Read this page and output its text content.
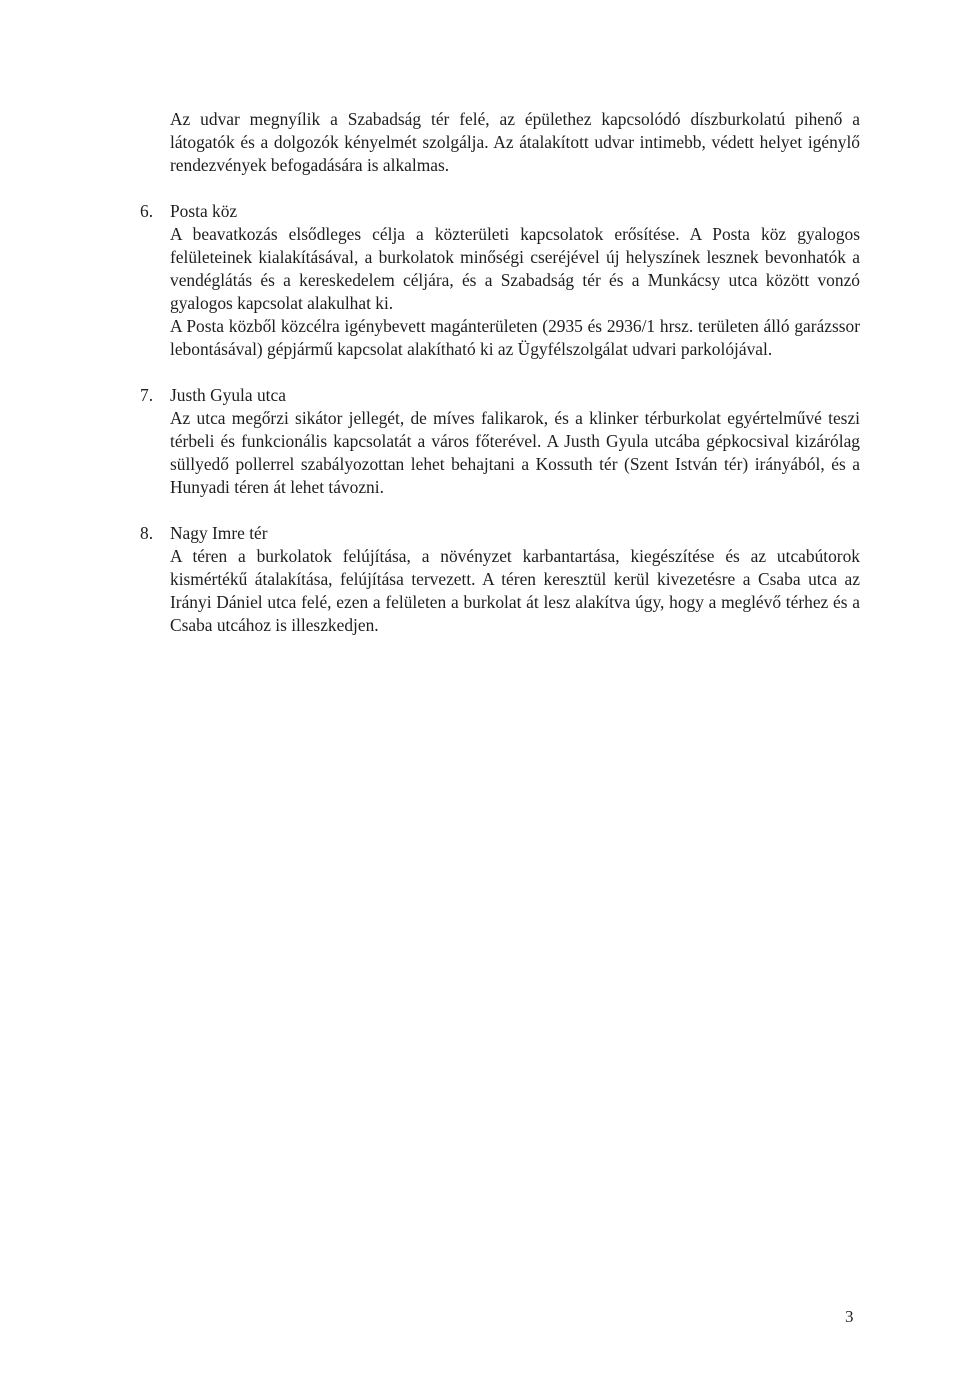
Az udvar megnyílik a Szabadság tér felé, az épülethez kapcsolódó díszburkolatú pihenő a látogatók és a dolgozók kényelmét szolgálja. Az átalakított udvar intimebb, védett helyet igénylő rendezvények befogadására is alkalmas.

6. Posta köz

A beavatkozás elsődleges célja a közterületi kapcsolatok erősítése. A Posta köz gyalogos felületeinek kialakításával, a burkolatok minőségi cseréjével új helyszínek lesznek bevonhatók a vendéglátás és a kereskedelem céljára, és a Szabadság tér és a Munkácsy utca között vonzó gyalogos kapcsolat alakulhat ki.

A Posta közből közcélra igénybevett magánterületen (2935 és 2936/1 hrsz. területen álló garázssor lebontásával) gépjármű kapcsolat alakítható ki az Ügyfélszolgálat udvari parkolójával.

7. Justh Gyula utca

Az utca megőrzi sikátor jellegét, de míves falikarok, és a klinker térburkolat egyértelművé teszi térbeli és funkcionális kapcsolatát a város főterével. A Justh Gyula utcába gépkocsival kizárólag süllyedő pollerrel szabályozottan lehet behajtani a Kossuth tér (Szent István tér) irányából, és a Hunyadi téren át lehet távozni.

8. Nagy Imre tér

A téren a burkolatok felújítása, a növényzet karbantartása, kiegészítése és az utcabútorok kismértékű átalakítása, felújítása tervezett. A téren keresztül kerül kivezetésre a Csaba utca az Irányi Dániel utca felé, ezen a felületen a burkolat át lesz alakítva úgy, hogy a meglévő térhez és a Csaba utcához is illeszkedjen.

3
